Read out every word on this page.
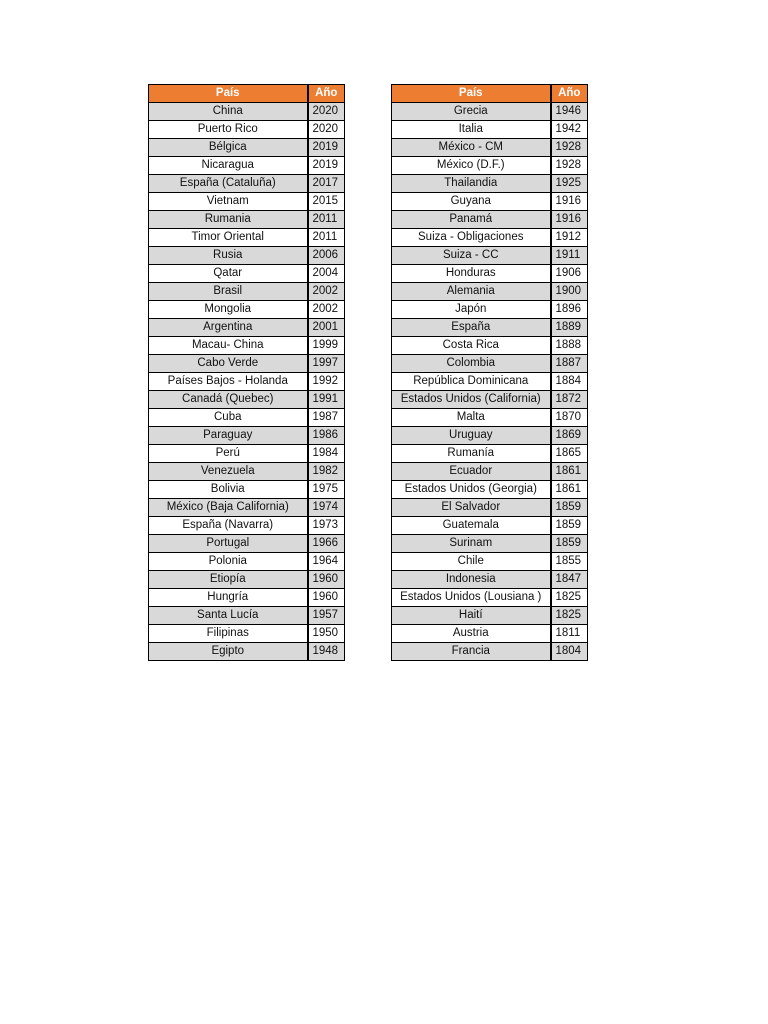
País	Año
China	2020
Puerto Rico	2020
Bélgica	2019
Nicaragua	2019
España (Cataluña)	2017
Vietnam	2015
Rumania	2011
Timor Oriental	2011
Rusia	2006
Qatar	2004
Brasil	2002
Mongolia	2002
Argentina	2001
Macau- China	1999
Cabo Verde	1997
Países Bajos - Holanda	1992
Canadá (Quebec)	1991
Cuba	1987
Paraguay	1986
Perú	1984
Venezuela	1982
Bolivia	1975
México (Baja California)	1974
España (Navarra)	1973
Portugal	1966
Polonia	1964
Etiopía	1960
Hungría	1960
Santa Lucía	1957
Filipinas	1950
Egipto	1948
País	Año
Grecia	1946
Italia	1942
México - CM	1928
México (D.F.)	1928
Thailandia	1925
Guyana	1916
Panamá	1916
Suiza - Obligaciones	1912
Suiza - CC	1911
Honduras	1906
Alemania	1900
Japón	1896
España	1889
Costa Rica	1888
Colombia	1887
República Dominicana	1884
Estados Unidos (California)	1872
Malta	1870
Uruguay	1869
Rumanía	1865
Ecuador	1861
Estados Unidos (Georgia)	1861
El Salvador	1859
Guatemala	1859
Surinam	1859
Chile	1855
Indonesia	1847
Estados Unidos (Lousiana )	1825
Haití	1825
Austria	1811
Francia	1804
